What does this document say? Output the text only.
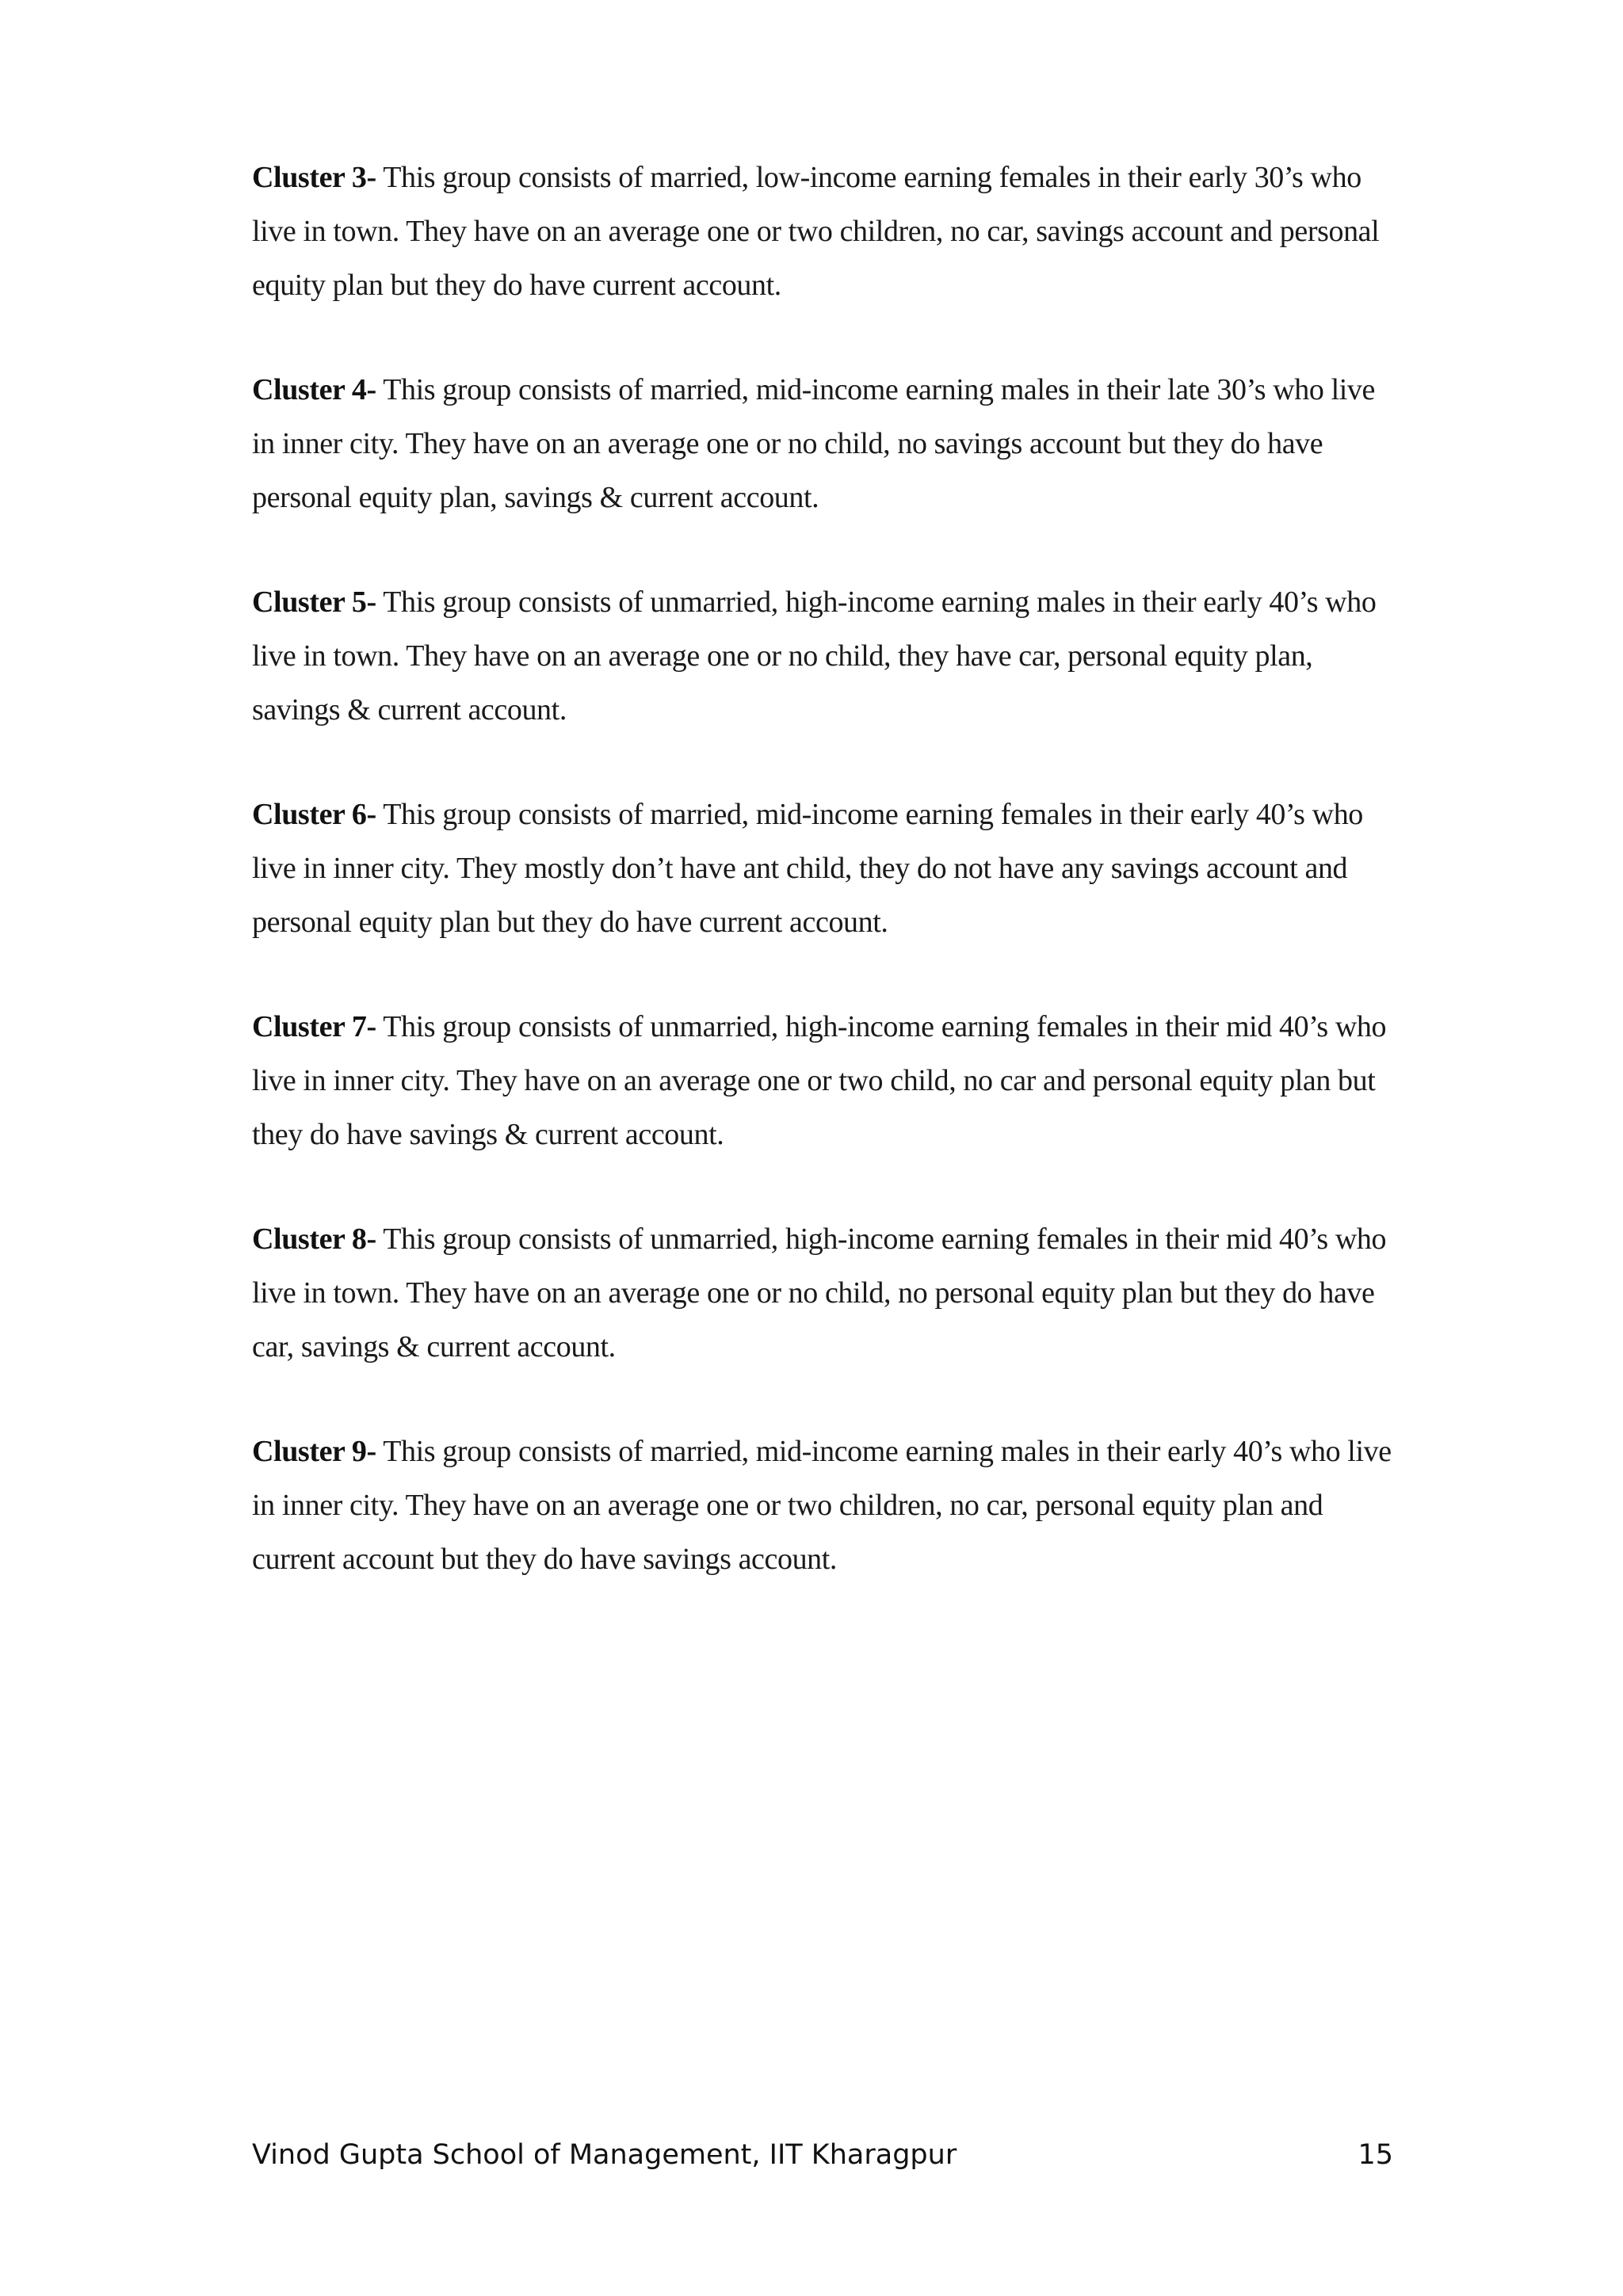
Cluster 3- This group consists of married, low-income earning females in their early 30’s who live in town. They have on an average one or two children, no car, savings account and personal equity plan but they do have current account.

Cluster 4- This group consists of married, mid-income earning males in their late 30’s who live in inner city. They have on an average one or no child, no savings account but they do have personal equity plan, savings & current account.

Cluster 5- This group consists of unmarried, high-income earning males in their early 40’s who live in town. They have on an average one or no child, they have car, personal equity plan, savings & current account.

Cluster 6- This group consists of married, mid-income earning females in their early 40’s who live in inner city. They mostly don’t have ant child, they do not have any savings account and personal equity plan but they do have current account.

Cluster 7- This group consists of unmarried, high-income earning females in their mid 40’s who live in inner city. They have on an average one or two child, no car and personal equity plan but they do have savings & current account.

Cluster 8- This group consists of unmarried, high-income earning females in their mid 40’s who live in town. They have on an average one or no child, no personal equity plan but they do have car, savings & current account.

Cluster 9- This group consists of married, mid-income earning males in their early 40’s who live in inner city. They have on an average one or two children, no car, personal equity plan and current account but they do have savings account.

Vinod Gupta School of Management, IIT Kharagpur	15
